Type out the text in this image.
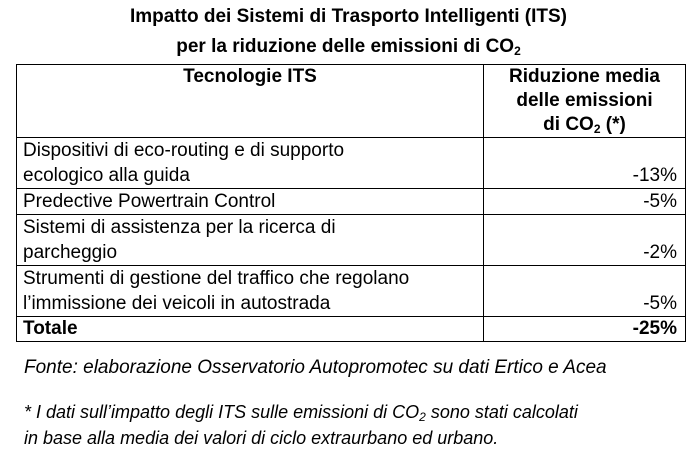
Impatto dei Sistemi di Trasporto Intelligenti (ITS)
per la riduzione delle emissioni di $CO_2$
Tecnologie ITS	Riduzione media
delle emissioni
di $CO_2$ (*)

Dispositivi di eco-routing e di supporto
ecologico alla guida	-13%

Predective Powertrain Control	-5%

Sistemi di assistenza per la ricerca di
parcheggio	-2%

Strumenti di gestione del traffico che regolano
l’immissione dei veicoli in autostrada	-5%
Totale	-25%
Fonte: elaborazione Osservatorio Autopromotec su dati Ertico e Acea
* I dati sull’impatto degli ITS sulle emissioni di $CO_2$ sono stati calcolati
in base alla media dei valori di ciclo extraurbano ed urbano.
